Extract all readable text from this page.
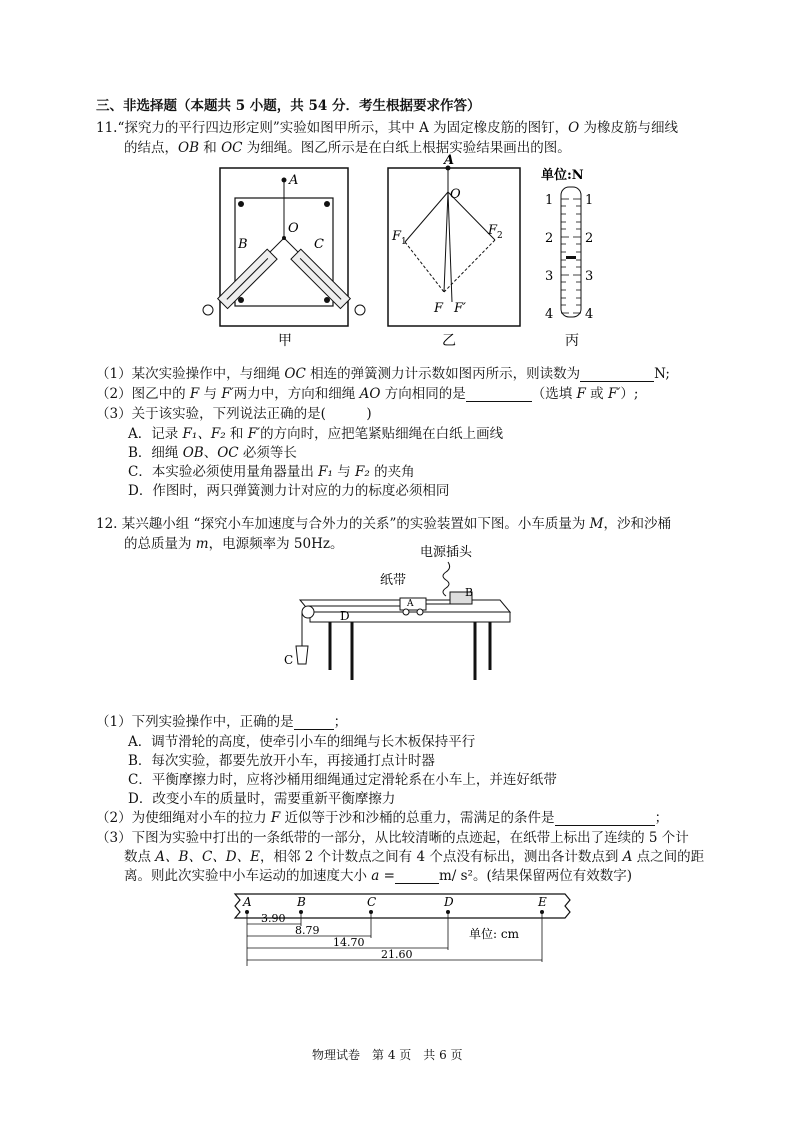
三、非选择题（本题共 5 小题，共 54 分．考生根据要求作答）
11.“探究力的平行四边形定则”实验如图甲所示，其中 A 为固定橡皮筋的图钉，O 为橡皮筋与细线
的结点，OB 和 OC 为细绳。图乙所示是在白纸上根据实验结果画出的图。
A
O
B	C
甲
A
O
F 1
F 2
F F′
乙
单位:N
1 1
2 2
3 3
4 4
丙
（1）某次实验操作中，与细绳 OC 相连的弹簧测力计示数如图丙所示，则读数为	N;
（2）图乙中的 F 与 F′两力中，方向和细绳 AO 方向相同的是	（选填 F 或 F′）;
（3）关于该实验，下列说法正确的是(　　　)
A．记录 F₁、F₂ 和 F′的方向时，应把笔紧贴细绳在白纸上画线
B．细绳 OB、OC 必须等长
C．本实验必须使用量角器量出 F₁ 与 F₂ 的夹角
D．作图时，两只弹簧测力计对应的力的标度必须相同
12. 某兴趣小组 “探究小车加速度与合外力的关系”的实验装置如下图。小车质量为 M，沙和沙桶
的总质量为 m，电源频率为 50Hz。
电源插头
纸带
B
A
D
C
（1）下列实验操作中，正确的是	；
A．调节滑轮的高度，使牵引小车的细绳与长木板保持平行
B．每次实验，都要先放开小车，再接通打点计时器
C．平衡摩擦力时，应将沙桶用细绳通过定滑轮系在小车上，并连好纸带
D．改变小车的质量时，需要重新平衡摩擦力
（2）为使细绳对小车的拉力 F 近似等于沙和沙桶的总重力，需满足的条件是	；
（3）下图为实验中打出的一条纸带的一部分，从比较清晰的点迹起，在纸带上标出了连续的 5 个计
数点 A、B、C、D、E，相邻 2 个计数点之间有 4 个点没有标出，测出各计数点到 A 点之间的距
离。则此次实验中小车运动的加速度大小 a =	m/ s²。(结果保留两位有效数字)
A	B	C	D	E
3.90
8.79
14.70
21.60
单位: cm
物理试卷　第 4 页　共 6 页
